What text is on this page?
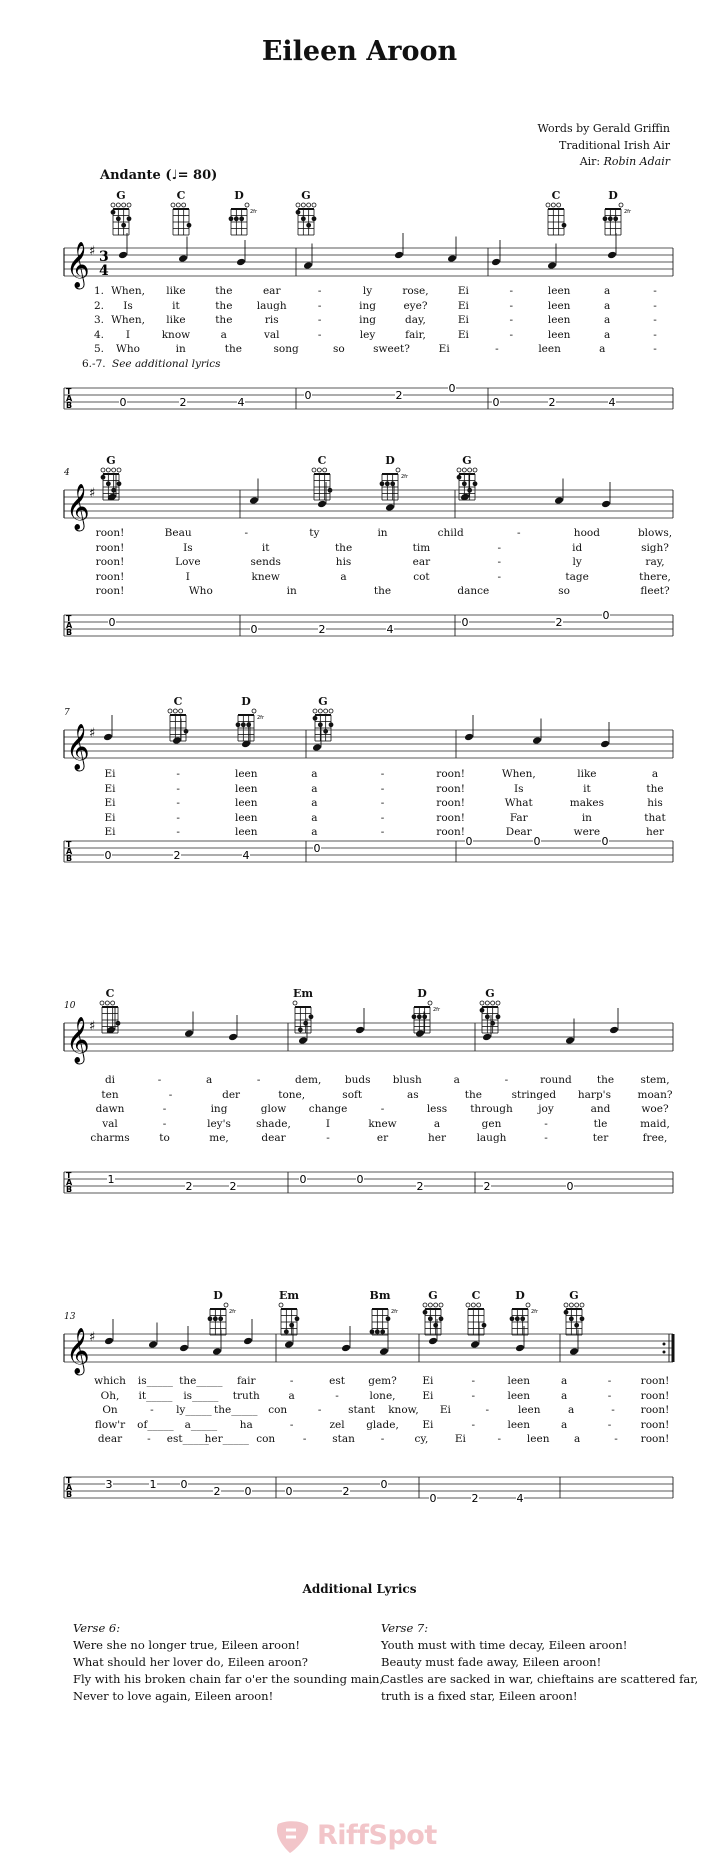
Eileen Aroon
Words by Gerald Griffin
Traditional Irish Air
Air: Robin Adair
Andante (♩= 80)
2fr	2fr
𝄞 ♯ 3
4
T
A
B	0	2	4
0	2
0
0	2	4
G	C	D	G	C	D
1. When, like	the	ear	-	ly	rose,	Ei	-	leen	a	-
2. Is	it	the laugh	-	ing	eye?	Ei	-	leen	a	-
3. When, like	the	ris	-	ing	day,	Ei	-	leen	a	-
4. I	know	a	val	-	ley	fair,	Ei	-	leen	a	-
5. Who	in	the	song	so	sweet?	Ei	-	leen	a	-
6.-7. See additional lyrics
2fr
𝄞 ♯
T
A
B
0
0	2	4
0	2
0
G	C	D	G
4
roon!	Beau	-	ty	in	child	-	hood	blows,
roon!	Is	it	the	tim	-	id	sigh?
roon!	Love	sends	his	ear	-	ly	ray,
roon!	I	knew	a	cot	-	tage	there,
roon!	Who	in	the	dance	so	fleet?
2fr
𝄞 ♯
T
A
B	0	2	4
0
0	0	0
C	D	G
7
Ei	-	leen	a	-	roon!	When,	like	a
Ei	-	leen	a	-	roon!	Is	it	the
Ei	-	leen	a	-	roon!	What	makes	his
Ei	-	leen	a	-	roon!	Far	in	that
Ei	-	leen	a	-	roon!	Dear	were	her
2fr
𝄞 ♯
T
A
B
1
2	2
0	0
2	2	0
C	Em	D	G
10
di	-	a	-	dem, buds blush	a	-	round the	stem,
ten	-	der	tone,	soft	as	the	stringed harp's	moan?
dawn	-	ing	glow change	-	less through joy	and	woe?
val	-	ley's shade,	I	knew	a	gen	-	tle	maid,
charms	to	me,	dear	-	er	her	laugh	-	ter	free,
2fr	2fr	2fr
𝄞 ♯
T
A
B
3	1 0
2 0	0	2
0
0	2	4
D	Em	Bm	G	C	D	G
13
which is_____ the_____ fair	-	est gem? Ei	-	leen	a	-	roon!
Oh, it_____ is_____ truth	a	-	lone,	Ei	-	leen	a	-	roon!
On	- ly_____ the_____ con	-	stant know, Ei	-	leen	a	- roon!
flow'r of_____ a_____ ha	-	zel glade, Ei	-	leen	a	-	roon!
dear - est_____
her_____ con	- stan -	cy,	Ei	- leen a	- roon!
Additional Lyrics
Verse 6:
Were she no longer true, Eileen aroon!
What should her lover do, Eileen aroon?
Fly with his broken chain far o'er the sounding main,
Never to love again, Eileen aroon!
Verse 7:
Youth must with time decay, Eileen aroon!
Beauty must fade away, Eileen aroon!
Castles are sacked in war, chieftains are scattered far,
truth is a fixed star, Eileen aroon!
RiffSpot
